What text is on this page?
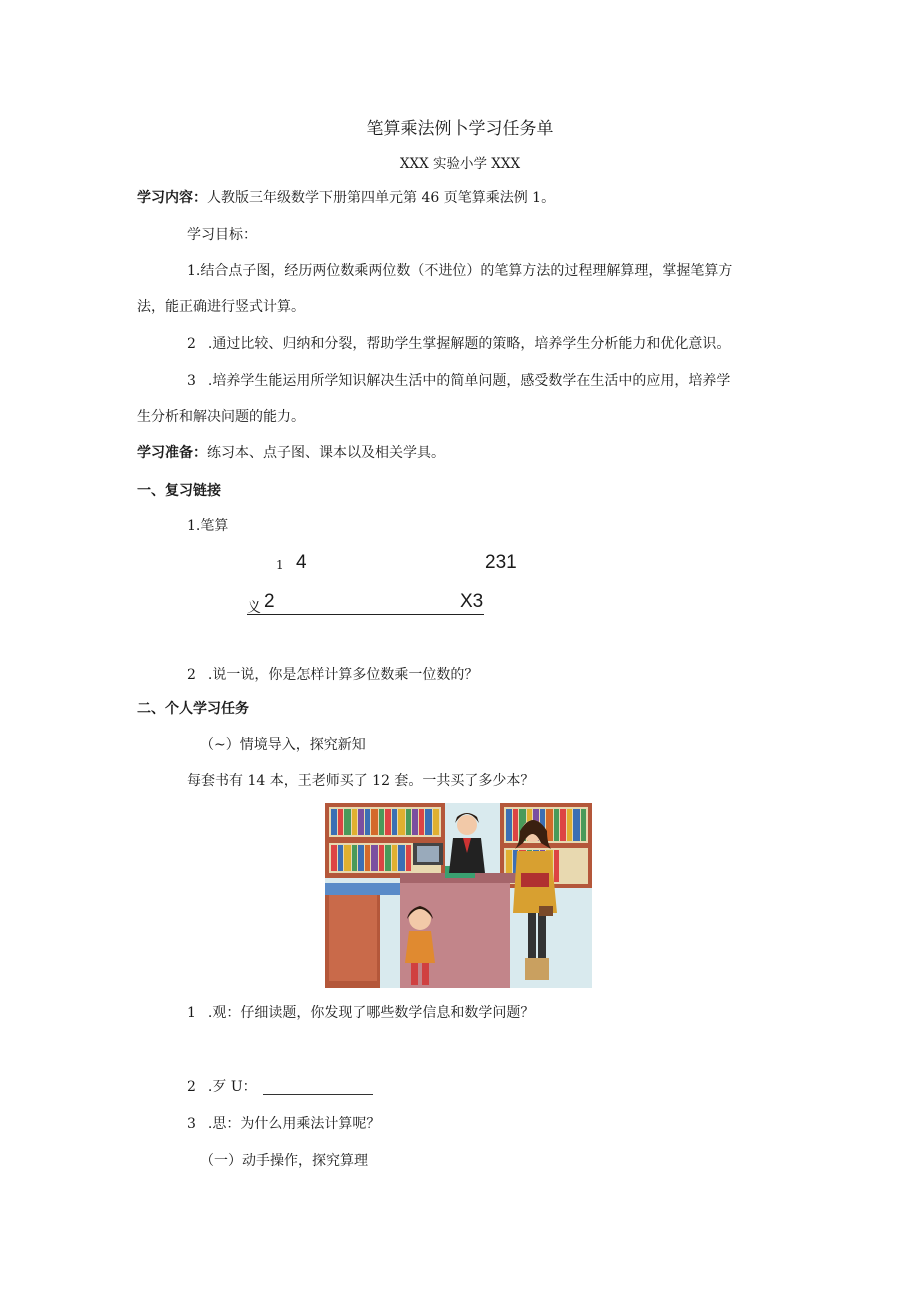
笔算乘法例卜学习任务单
XXX 实验小学 XXX
学习内容：人教版三年级数学下册第四单元第 46 页笔算乘法例 1。
学习目标：
1.结合点子图，经历两位数乘两位数（不进位）的笔算方法的过程理解算理，掌握笔算方
法，能正确进行竖式计算。
2 .通过比较、归纳和分裂，帮助学生掌握解题的策略，培养学生分析能力和优化意识。
3 .培养学生能运用所学知识解决生活中的简单问题，感受数学在生活中的应用，培养学
生分析和解决问题的能力。
学习准备：练习本、点子图、课本以及相关学具。
一、复习链接
1.笔算
1 4	231
义 2	X3
2 .说一说，你是怎样计算多位数乘一位数的？
二、个人学习任务
（~）情境导入，探究新知
每套书有 14 本，王老师买了 12 套。一共买了多少本？
1 .观：仔细读题，你发现了哪些数学信息和数学问题？
2 .歹 U：
3 .思：为什么用乘法计算呢？
（一）动手操作，探究算理
